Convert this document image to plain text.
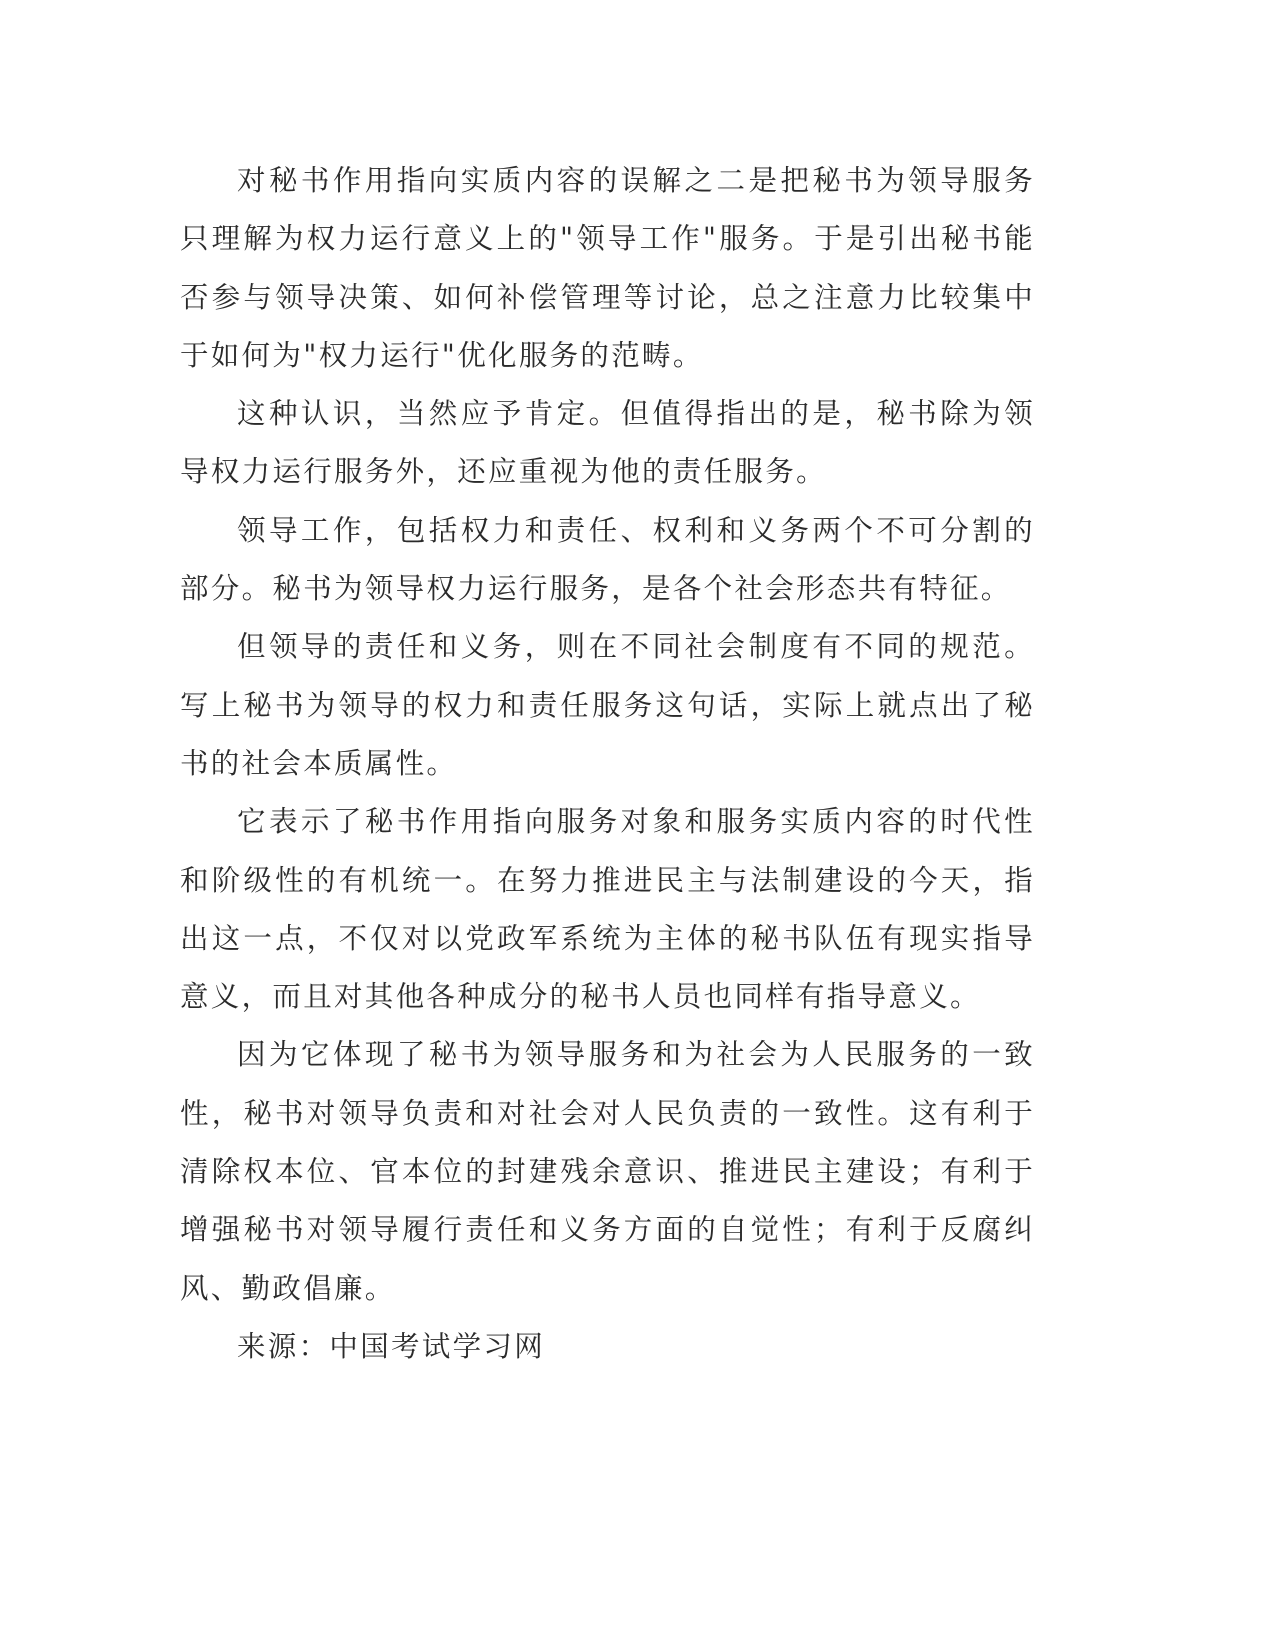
对秘书作用指向实质内容的误解之二是把秘书为领导服务只理解为权力运行意义上的"领导工作"服务。于是引出秘书能否参与领导决策、如何补偿管理等讨论，总之注意力比较集中于如何为"权力运行"优化服务的范畴。

这种认识，当然应予肯定。但值得指出的是，秘书除为领导权力运行服务外，还应重视为他的责任服务。

领导工作，包括权力和责任、权利和义务两个不可分割的部分。秘书为领导权力运行服务，是各个社会形态共有特征。

但领导的责任和义务，则在不同社会制度有不同的规范。写上秘书为领导的权力和责任服务这句话，实际上就点出了秘书的社会本质属性。

它表示了秘书作用指向服务对象和服务实质内容的时代性和阶级性的有机统一。在努力推进民主与法制建设的今天，指出这一点，不仅对以党政军系统为主体的秘书队伍有现实指导意义，而且对其他各种成分的秘书人员也同样有指导意义。

因为它体现了秘书为领导服务和为社会为人民服务的一致性，秘书对领导负责和对社会对人民负责的一致性。这有利于清除权本位、官本位的封建残余意识、推进民主建设；有利于增强秘书对领导履行责任和义务方面的自觉性；有利于反腐纠风、勤政倡廉。

来源：中国考试学习网
